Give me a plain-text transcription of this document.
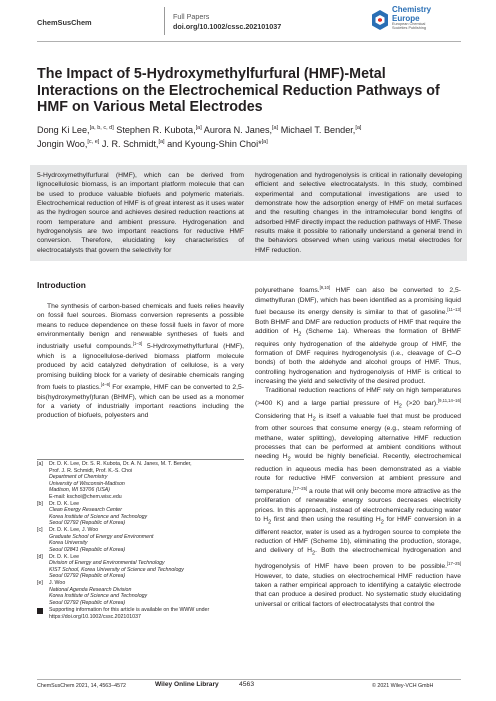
ChemSusChem
Full Papers
doi.org/10.1002/cssc.202101037
Chemistry
Europe
European Chemical
Societies Publishing
The Impact of 5-Hydroxymethylfurfural (HMF)-Metal Interactions on the Electrochemical Reduction Pathways of HMF on Various Metal Electrodes
Dong Ki Lee,[a, b, c, d] Stephen R. Kubota,[a] Aurora N. Janes,[a] Michael T. Bender,[a]
Jongin Woo,[c, e] J. R. Schmidt,[a] and Kyoung-Shin Choi*[a]
5-Hydroxymethylfurfural (HMF), which can be derived from lignocellulosic biomass, is an important platform molecule that can be used to produce valuable biofuels and polymeric materials. Electrochemical reduction of HMF is of great interest as it uses water as the hydrogen source and achieves desired reduction reactions at room temperature and ambient pressure. Hydrogenation and hydrogenolysis are two important reactions for reductive HMF conversion. Therefore, elucidating key characteristics of electrocatalysts that govern the selectivity for
hydrogenation and hydrogenolysis is critical in rationally developing efficient and selective electrocatalysts. In this study, combined experimental and computational investigations are used to demonstrate how the adsorption energy of HMF on metal surfaces and the resulting changes in the intramolecular bond lengths of adsorbed HMF directly impact the reduction pathways of HMF. These results make it possible to rationally understand a general trend in the behaviors observed when using various metal electrodes for HMF reduction.
Introduction

The synthesis of carbon-based chemicals and fuels relies heavily on fossil fuel sources. Biomass conversion represents a possible means to reduce dependence on these fossil fuels in favor of more environmentally benign and renewable syntheses of fuels and industrially useful compounds.[1–3] 5-Hydroxymethylfurfural (HMF), which is a lignocellulose-derived biomass platform molecule produced by acid catalyzed dehydration of cellulose, is a very promising building block for a variety of desirable chemicals ranging from fuels to plastics.[4–8] For example, HMF can be converted to 2,5-bis(hydroxymethyl)furan (BHMF), which can be used as a monomer for a variety of industrially important reactions including the production of biofuels, polyesters and

polyurethane foams.[9,10] HMF can also be converted to 2,5-dimethylfuran (DMF), which has been identified as a promising liquid fuel because its energy density is similar to that of gasoline.[11–13] Both BHMF and DMF are reduction products of HMF that require the addition of $H_2$ (Scheme 1a). Whereas the formation of BHMF requires only hydrogenation of the aldehyde group of HMF, the formation of DMF requires hydrogenolysis (i.e., cleavage of C–O bonds) of both the aldehyde and alcohol groups of HMF. Thus, controlling hydrogenation and hydrogenolysis of HMF is critical to increasing the yield and selectivity of the desired product.

Traditional reduction reactions of HMF rely on high temperatures (>400 K) and a large partial pressure of $H_2$ (>20 bar).[9,11,14–16] Considering that $H_2$ is itself a valuable fuel that must be produced from other sources that consume energy (e.g., steam reforming of methane, water splitting), developing alternative HMF reduction processes that can be performed at ambient conditions without needing $H_2$ would be highly beneficial. Recently, electrochemical reduction in aqueous media has been demonstrated as a viable route for reductive HMF conversion at ambient pressure and temperature,[17–25] a route that will only become more attractive as the proliferation of renewable energy sources decreases electricity prices. In this approach, instead of electrochemically reducing water to $H_2$ first and then using the resulting $H_2$ for HMF conversion in a different reactor, water is used as a hydrogen source to complete the reduction of HMF (Scheme 1b), eliminating the production, storage, and delivery of $H_2$. Both the electrochemical hydrogenation and hydrogenolysis of HMF have been proven to be possible.[17–25] However, to date, studies on electrochemical HMF reduction have taken a rather empirical approach to identifying a catalytic electrode that can produce a desired product. No systematic study elucidating universal or critical factors of electrocatalysts that control the

[a] Dr. D. K. Lee, Dr. S. R. Kubota, Dr. A. N. Janes, M. T. Bender,
Prof. J. R. Schmidt, Prof. K.-S. Choi
Department of Chemistry
University of Wisconsin-Madison
Madison, WI 53706 (USA)
E-mail: kschoi@chem.wisc.edu
[b] Dr. D. K. Lee
Clean Energy Research Center
Korea Institute of Science and Technology
Seoul 02792 (Republic of Korea)
[c] Dr. D. K. Lee, J. Woo
Graduate School of Energy and Environment
Korea University
Seoul 02841 (Republic of Korea)
[d] Dr. D. K. Lee
Division of Energy and Environmental Technology
KIST School, Korea University of Science and Technology
Seoul 02792 (Republic of Korea)
[e] J. Woo
National Agenda Research Division
Korea Institute of Science and Technology
Seoul 02792 (Republic of Korea)
Supporting information for this article is available on the WWW under https://doi.org/10.1002/cssc.202101037
ChemSusChem 2021, 14, 4563–4572	Wiley Online Library	4563	© 2021 Wiley-VCH GmbH
